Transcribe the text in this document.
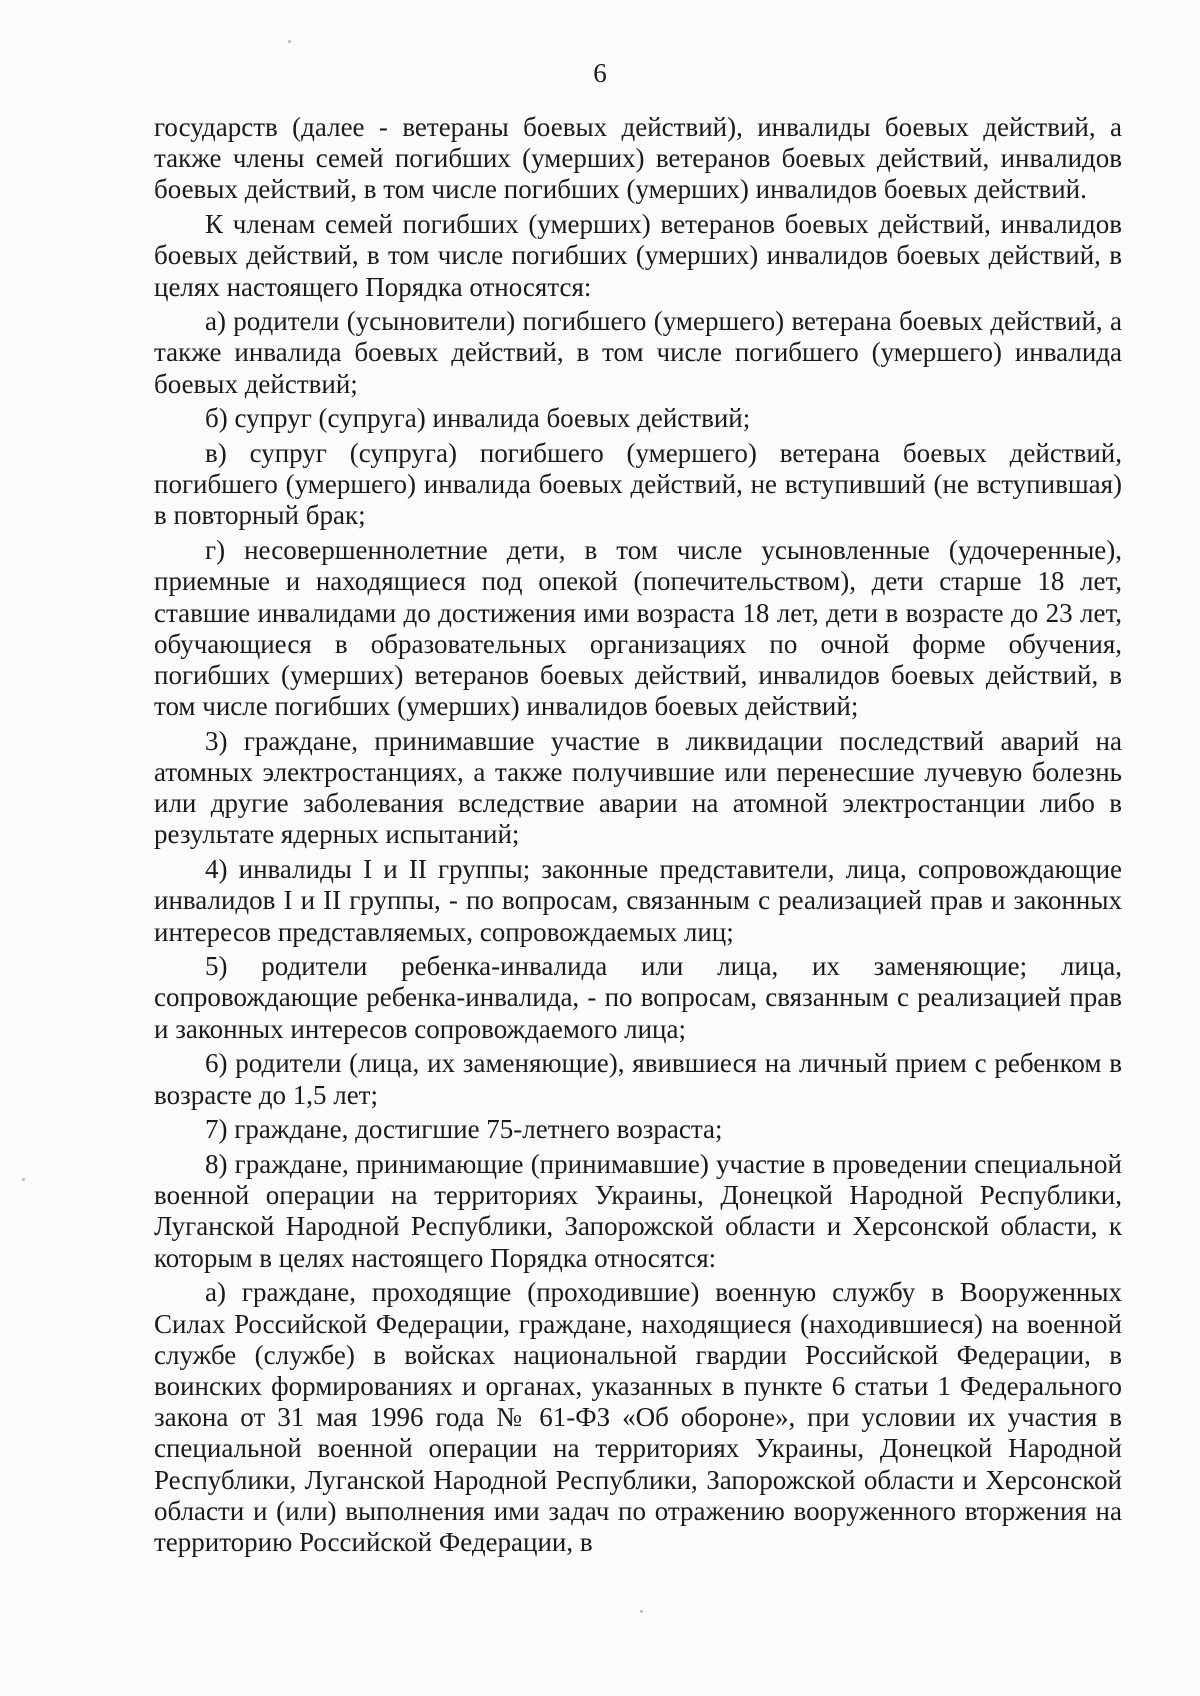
6

государств (далее - ветераны боевых действий), инвалиды боевых действий, а также члены семей погибших (умерших) ветеранов боевых действий, инвалидов боевых действий, в том числе погибших (умерших) инвалидов боевых действий.

К членам семей погибших (умерших) ветеранов боевых действий, инвалидов боевых действий, в том числе погибших (умерших) инвалидов боевых действий, в целях настоящего Порядка относятся:

а) родители (усыновители) погибшего (умершего) ветерана боевых действий, а также инвалида боевых действий, в том числе погибшего (умершего) инвалида боевых действий;

б) супруг (супруга) инвалида боевых действий;

в) супруг (супруга) погибшего (умершего) ветерана боевых действий, погибшего (умершего) инвалида боевых действий, не вступивший (не вступившая) в повторный брак;

г) несовершеннолетние дети, в том числе усыновленные (удочеренные), приемные и находящиеся под опекой (попечительством), дети старше 18 лет, ставшие инвалидами до достижения ими возраста 18 лет, дети в возрасте до 23 лет, обучающиеся в образовательных организациях по очной форме обучения, погибших (умерших) ветеранов боевых действий, инвалидов боевых действий, в том числе погибших (умерших) инвалидов боевых действий;

3) граждане, принимавшие участие в ликвидации последствий аварий на атомных электростанциях, а также получившие или перенесшие лучевую болезнь или другие заболевания вследствие аварии на атомной электростанции либо в результате ядерных испытаний;

4) инвалиды I и II группы; законные представители, лица, сопровождающие инвалидов I и II группы, - по вопросам, связанным с реализацией прав и законных интересов представляемых, сопровождаемых лиц;

5) родители ребенка-инвалида или лица, их заменяющие; лица, сопровождающие ребенка-инвалида, - по вопросам, связанным с реализацией прав и законных интересов сопровождаемого лица;

6) родители (лица, их заменяющие), явившиеся на личный прием с ребенком в возрасте до 1,5 лет;

7) граждане, достигшие 75-летнего возраста;

8) граждане, принимающие (принимавшие) участие в проведении специальной военной операции на территориях Украины, Донецкой Народной Республики, Луганской Народной Республики, Запорожской области и Херсонской области, к которым в целях настоящего Порядка относятся:

а) граждане, проходящие (проходившие) военную службу в Вооруженных Силах Российской Федерации, граждане, находящиеся (находившиеся) на военной службе (службе) в войсках национальной гвардии Российской Федерации, в воинских формированиях и органах, указанных в пункте 6 статьи 1 Федерального закона от 31 мая 1996 года № 61-ФЗ «Об обороне», при условии их участия в специальной военной операции на территориях Украины, Донецкой Народной Республики, Луганской Народной Республики, Запорожской области и Херсонской области и (или) выполнения ими задач по отражению вооруженного вторжения на территорию Российской Федерации, в
